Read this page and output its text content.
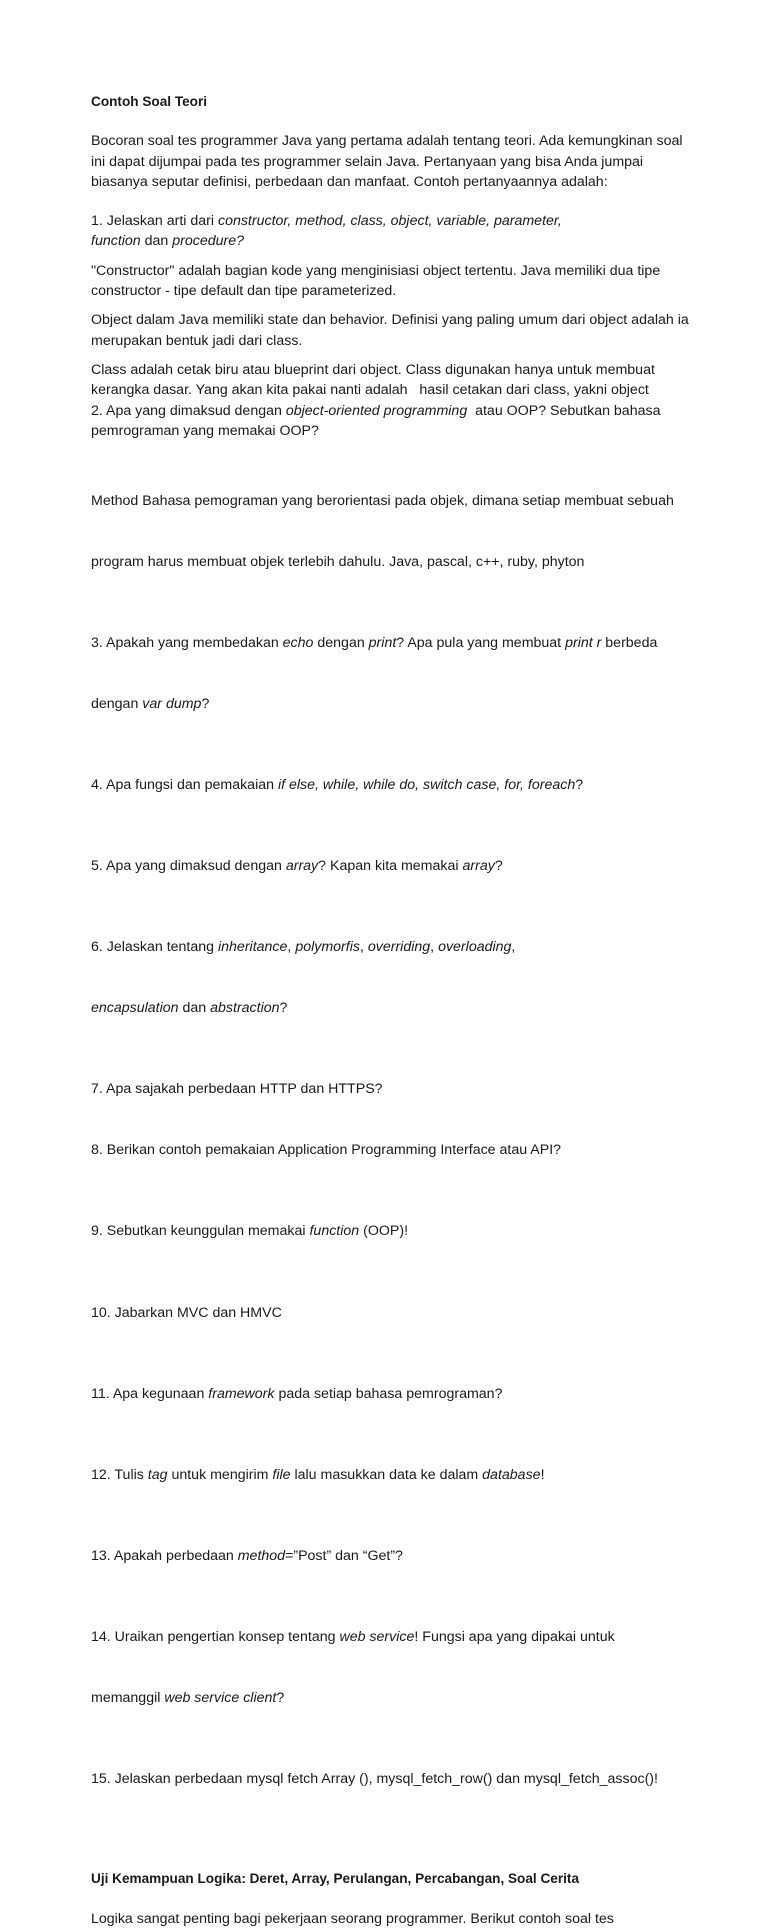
Contoh Soal Teori

Bocoran soal tes programmer Java yang pertama adalah tentang teori. Ada kemungkinan soal
ini dapat dijumpai pada tes programmer selain Java. Pertanyaan yang bisa Anda jumpai
biasanya seputar definisi, perbedaan dan manfaat. Contoh pertanyaannya adalah:

1. Jelaskan arti dari constructor, method, class, object, variable, parameter,
function dan procedure?

"Constructor" adalah bagian kode yang menginisiasi object tertentu. Java memiliki dua tipe
constructor - tipe default dan tipe parameterized.

Object dalam Java memiliki state dan behavior. Definisi yang paling umum dari object adalah ia
merupakan bentuk jadi dari class.

Class adalah cetak biru atau blueprint dari object. Class digunakan hanya untuk membuat
kerangka dasar. Yang akan kita pakai nanti adalah   hasil cetakan dari class, yakni object
2. Apa yang dimaksud dengan object-oriented programming  atau OOP? Sebutkan bahasa
pemrograman yang memakai OOP?

Method Bahasa pemograman yang berorientasi pada objek, dimana setiap membuat sebuah

program harus membuat objek terlebih dahulu. Java, pascal, c++, ruby, phyton

3. Apakah yang membedakan echo dengan print? Apa pula yang membuat print r berbeda

dengan var dump?

4. Apa fungsi dan pemakaian if else, while, while do, switch case, for, foreach?

5. Apa yang dimaksud dengan array? Kapan kita memakai array?

6. Jelaskan tentang inheritance, polymorfis, overriding, overloading,

encapsulation dan abstraction?

7. Apa sajakah perbedaan HTTP dan HTTPS?

8. Berikan contoh pemakaian Application Programming Interface atau API?

9. Sebutkan keunggulan memakai function (OOP)!

10. Jabarkan MVC dan HMVC

11. Apa kegunaan framework pada setiap bahasa pemrograman?

12. Tulis tag untuk mengirim file lalu masukkan data ke dalam database!

13. Apakah perbedaan method=”Post” dan “Get”?

14. Uraikan pengertian konsep tentang web service! Fungsi apa yang dipakai untuk

memanggil web service client?

15. Jelaskan perbedaan mysql fetch Array (), mysql_fetch_row() dan mysql_fetch_assoc()!

Uji Kemampuan Logika: Deret, Array, Perulangan, Percabangan, Soal Cerita

Logika sangat penting bagi pekerjaan seorang programmer. Berikut contoh soal tes
